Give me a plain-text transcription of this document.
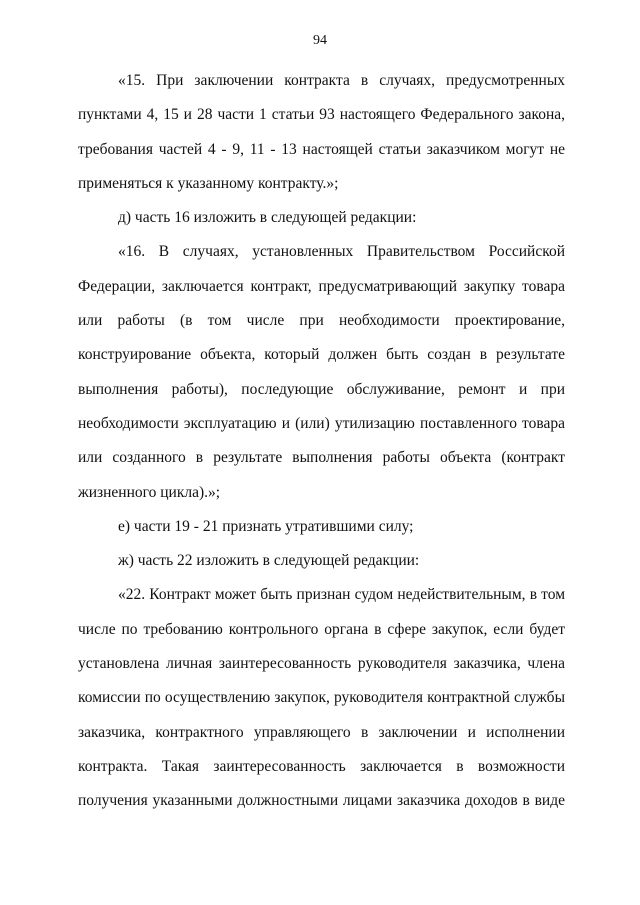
94

«15. При заключении контракта в случаях, предусмотренных
пунктами 4, 15 и 28 части 1 статьи 93 настоящего Федерального закона,
требования частей 4 - 9, 11 - 13 настоящей статьи заказчиком могут не
применяться к указанному контракту.»;

д) часть 16 изложить в следующей редакции:

«16. В случаях, установленных Правительством Российской
Федерации, заключается контракт, предусматривающий закупку товара
или работы (в том числе при необходимости проектирование,
конструирование объекта, который должен быть создан в результате
выполнения работы), последующие обслуживание, ремонт и при
необходимости эксплуатацию и (или) утилизацию поставленного товара
или созданного в результате выполнения работы объекта (контракт
жизненного цикла).»;

е) части 19 - 21 признать утратившими силу;

ж) часть 22 изложить в следующей редакции:

«22. Контракт может быть признан судом недействительным, в том
числе по требованию контрольного органа в сфере закупок, если будет
установлена личная заинтересованность руководителя заказчика, члена
комиссии по осуществлению закупок, руководителя контрактной службы
заказчика, контрактного управляющего в заключении и исполнении
контракта. Такая заинтересованность заключается в возможности
получения указанными должностными лицами заказчика доходов в виде
